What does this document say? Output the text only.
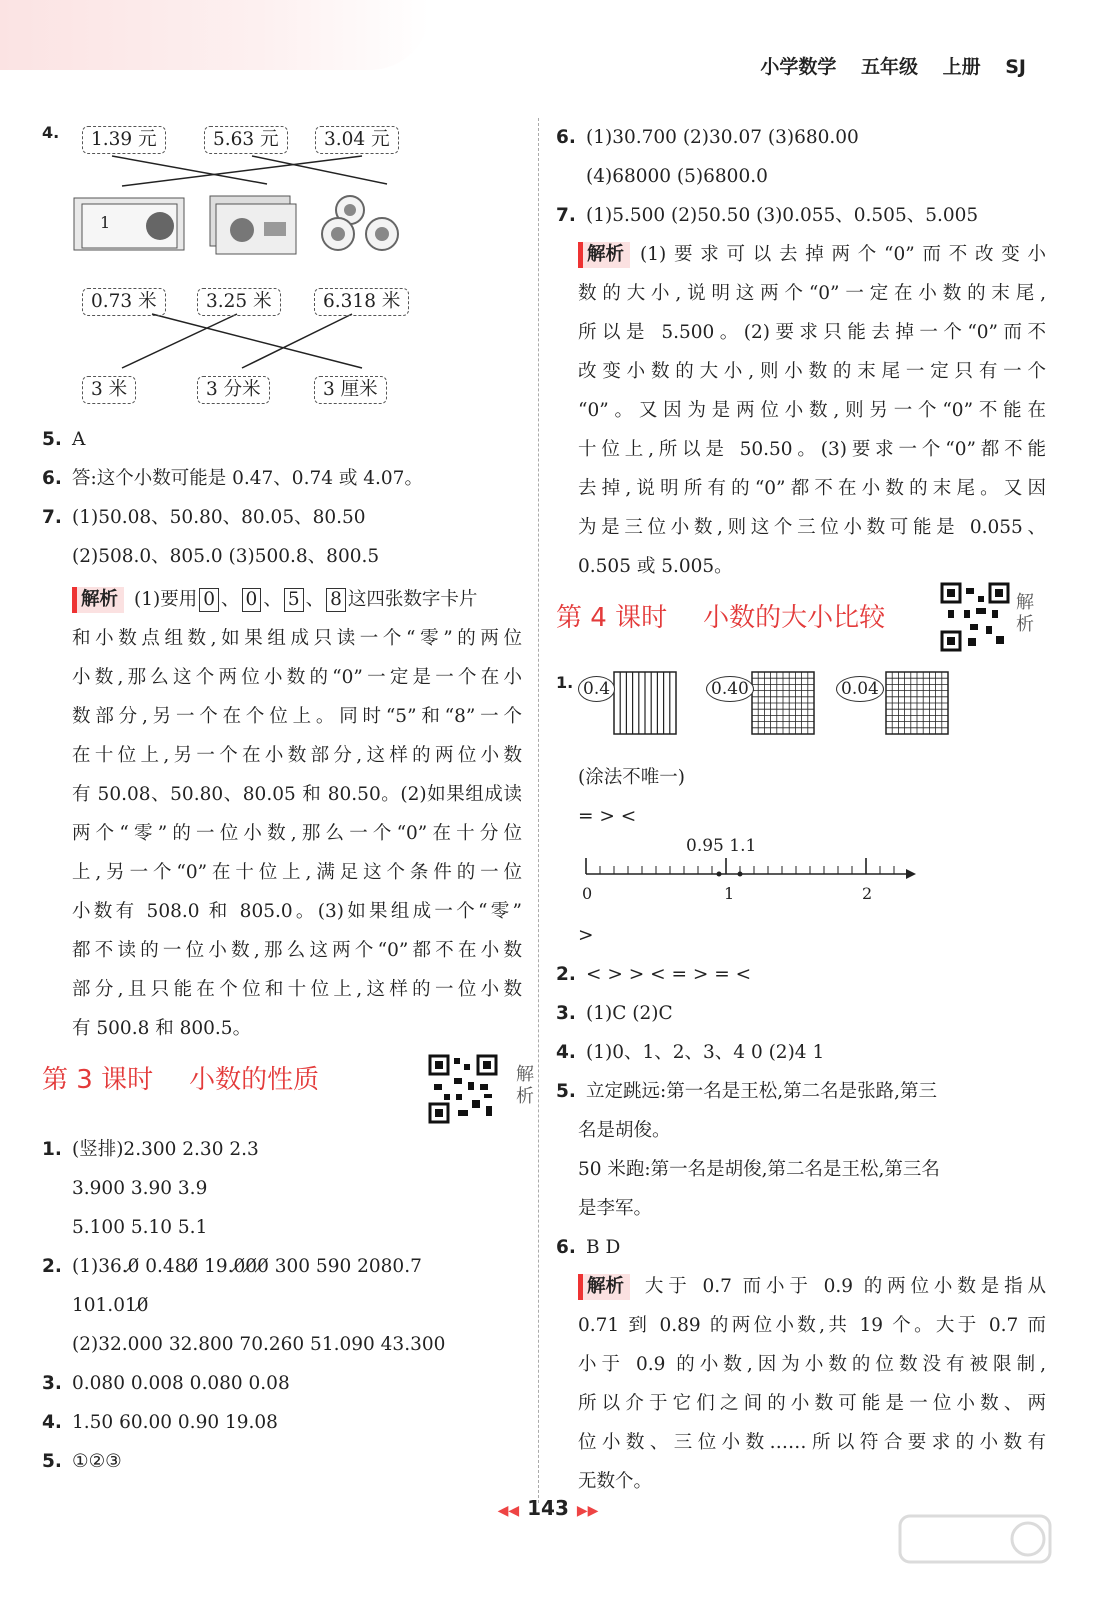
小学数学 五年级 上册 SJ
4.	1.39 元	5.63 元	3.04 元
1
0.73 米	3.25 米	6.318 米
3 米	3 分米	3 厘米
5. A
6. 答:这个小数可能是 0.47、0.74 或 4.07。
7. (1)50.08、50.80、80.05、80.50
(2)508.0、805.0 (3)500.8、800.5
解析 (1)要用 0 、 0 、 5 、 8 这四张数字卡片
和小数点组数,如果组成只读一个“零”的两位
小数,那么这个两位小数的“0”一定是一个在小
数部分,另一个在个位上。同时“5”和“8”一个
在十位上,另一个在小数部分,这样的两位小数
有 50.08、50.80、80.05 和 80.50。(2)如果组成读
两个“零”的一位小数,那么一个“0”在十分位
上,另一个“0”在十位上,满足这个条件的一位
小数有 508.0 和 805.0。(3)如果组成一个“零”
都不读的一位小数,那么这两个“0”都不在小数
部分,且只能在个位和十位上,这样的一位小数
有 500.8 和 800.5。
第 3 课时 小数的性质	解析
1. (竖排)2.300 2.30 2.3
3.900 3.90 3.9
5.100 5.10 5.1
2. (1)36.0̸ 0.480̸ 19.0̸0̸0̸ 300 590 2080.7
101.010̸
(2)32.000 32.800 70.260 51.090 43.300
3. 0.080 0.008 0.080 0.08
4. 1.50 60.00 0.90 19.08
5. ①②③
6. (1)30.700 (2)30.07 (3)680.00
(4)68000 (5)6800.0
7. (1)5.500 (2)50.50 (3)0.055、0.505、5.005
解析 (1)要求可以去掉两个“0”而不改变小
数的大小,说明这两个“0”一定在小数的末尾,
所以是 5.500。(2)要求只能去掉一个“0”而不
改变小数的大小,则小数的末尾一定只有一个
“0”。又因为是两位小数,则另一个“0”不能在
十位上,所以是 50.50。(3)要求一个“0”都不能
去掉,说明所有的“0”都不在小数的末尾。又因
为是三位小数,则这个三位小数可能是 0.055、
0.505 或 5.005。
第 4 课时 小数的大小比较
解析
1. 0.4	0.40	0.04
(涂法不唯一)
= > <
0.95 1.1
0	1	2
>
2. < > > < = > = <
3. (1)C (2)C
4. (1)0、1、2、3、4 0 (2)4 1
5. 立定跳远:第一名是王松,第二名是张路,第三
名是胡俊。
50 米跑:第一名是胡俊,第二名是王松,第三名
是李军。
6. B D
解析 大于 0.7 而小于 0.9 的两位小数是指从
0.71 到 0.89 的两位小数,共 19 个。大于 0.7 而
小于 0.9 的小数,因为小数的位数没有被限制,
所以介于它们之间的小数可能是一位小数、两
位小数、三位小数……所以符合要求的小数有
无数个。
◀◀ 143 ▶▶
